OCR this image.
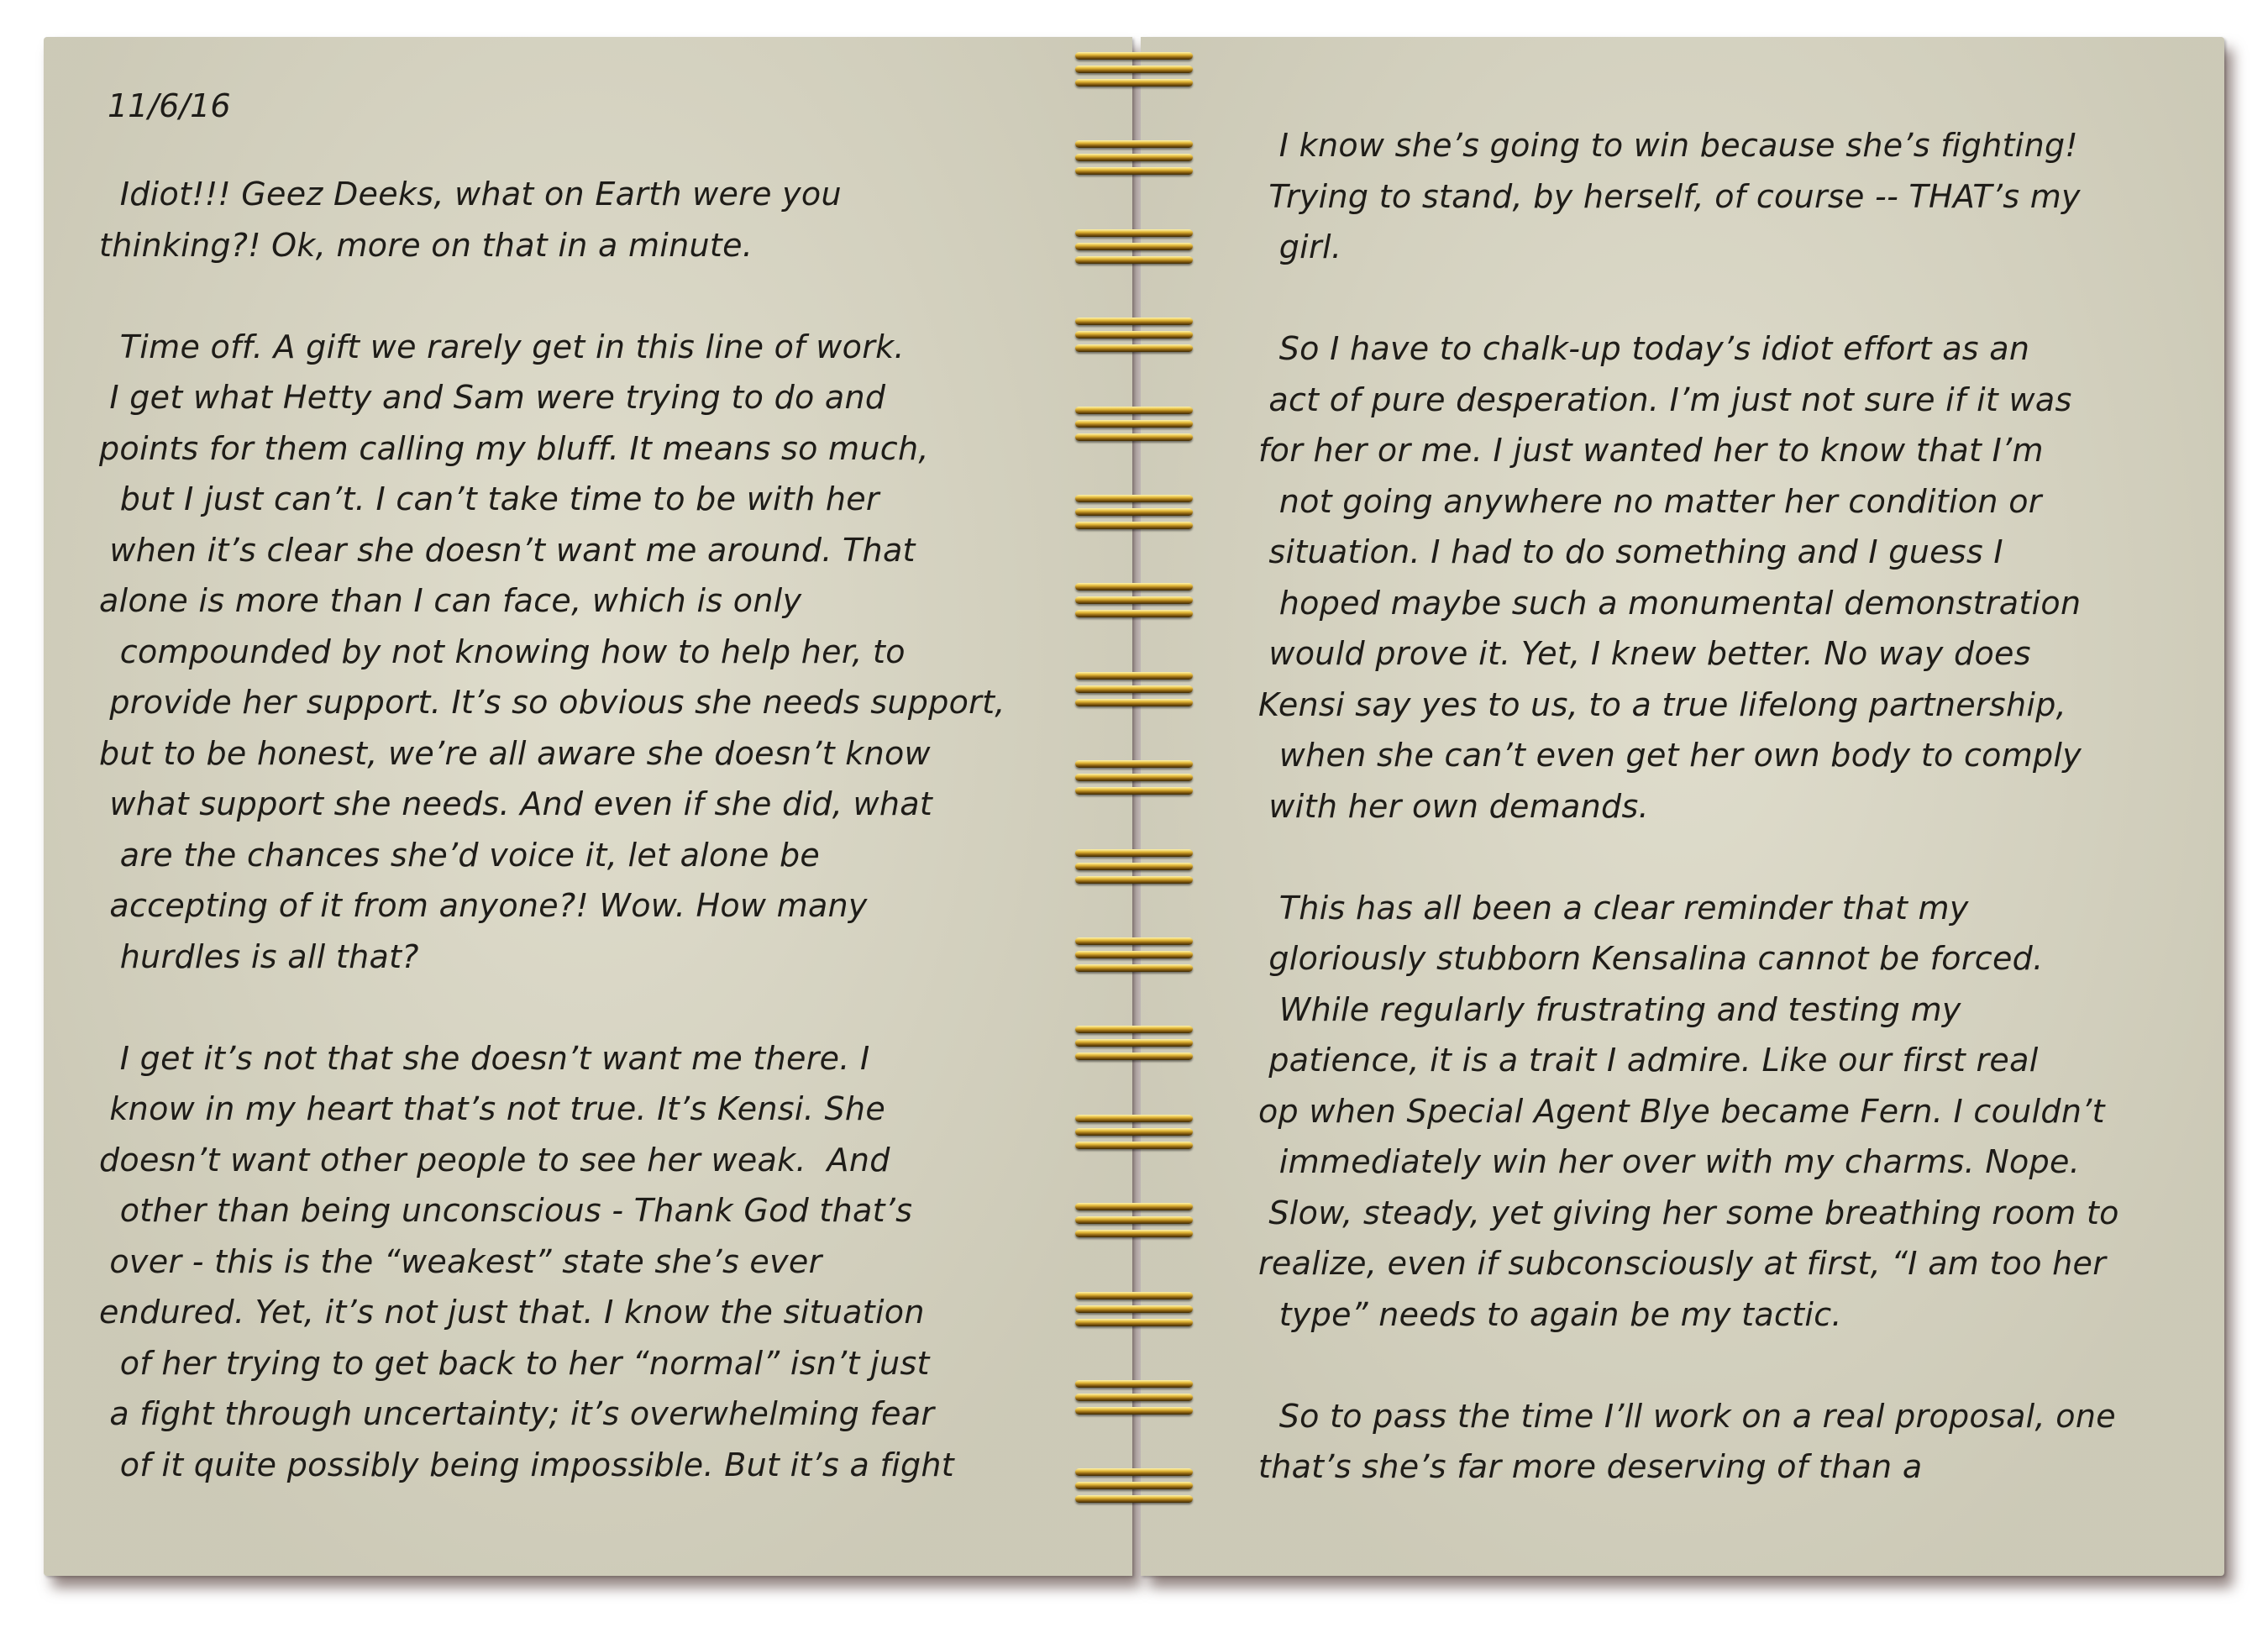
11/6/16
Idiot!!! Geez Deeks, what on Earth were you
thinking?! Ok, more on that in a minute.
Time off. A gift we rarely get in this line of work.
I get what Hetty and Sam were trying to do and
points for them calling my bluff. It means so much,
but I just can’t. I can’t take time to be with her
when it’s clear she doesn’t want me around. That
alone is more than I can face, which is only
compounded by not knowing how to help her, to
provide her support. It’s so obvious she needs support,
but to be honest, we’re all aware she doesn’t know
what support she needs. And even if she did, what
are the chances she’d voice it, let alone be
accepting of it from anyone?! Wow. How many
hurdles is all that?
I get it’s not that she doesn’t want me there. I
know in my heart that’s not true. It’s Kensi. She
doesn’t want other people to see her weak.  And
other than being unconscious - Thank God that’s
over - this is the “weakest” state she’s ever
endured. Yet, it’s not just that. I know the situation
of her trying to get back to her “normal” isn’t just
a fight through uncertainty; it’s overwhelming fear
of it quite possibly being impossible. But it’s a fight
I know she’s going to win because she’s fighting!
Trying to stand, by herself, of course -- THAT’s my
girl.
So I have to chalk-up today’s idiot effort as an
act of pure desperation. I’m just not sure if it was
for her or me. I just wanted her to know that I’m
not going anywhere no matter her condition or
situation. I had to do something and I guess I
hoped maybe such a monumental demonstration
would prove it. Yet, I knew better. No way does
Kensi say yes to us, to a true lifelong partnership,
when she can’t even get her own body to comply
with her own demands.
This has all been a clear reminder that my
gloriously stubborn Kensalina cannot be forced.
While regularly frustrating and testing my
patience, it is a trait I admire. Like our first real
op when Special Agent Blye became Fern. I couldn’t
immediately win her over with my charms. Nope.
Slow, steady, yet giving her some breathing room to
realize, even if subconsciously at first, “I am too her
type” needs to again be my tactic.
So to pass the time I’ll work on a real proposal, one
that’s she’s far more deserving of than a
